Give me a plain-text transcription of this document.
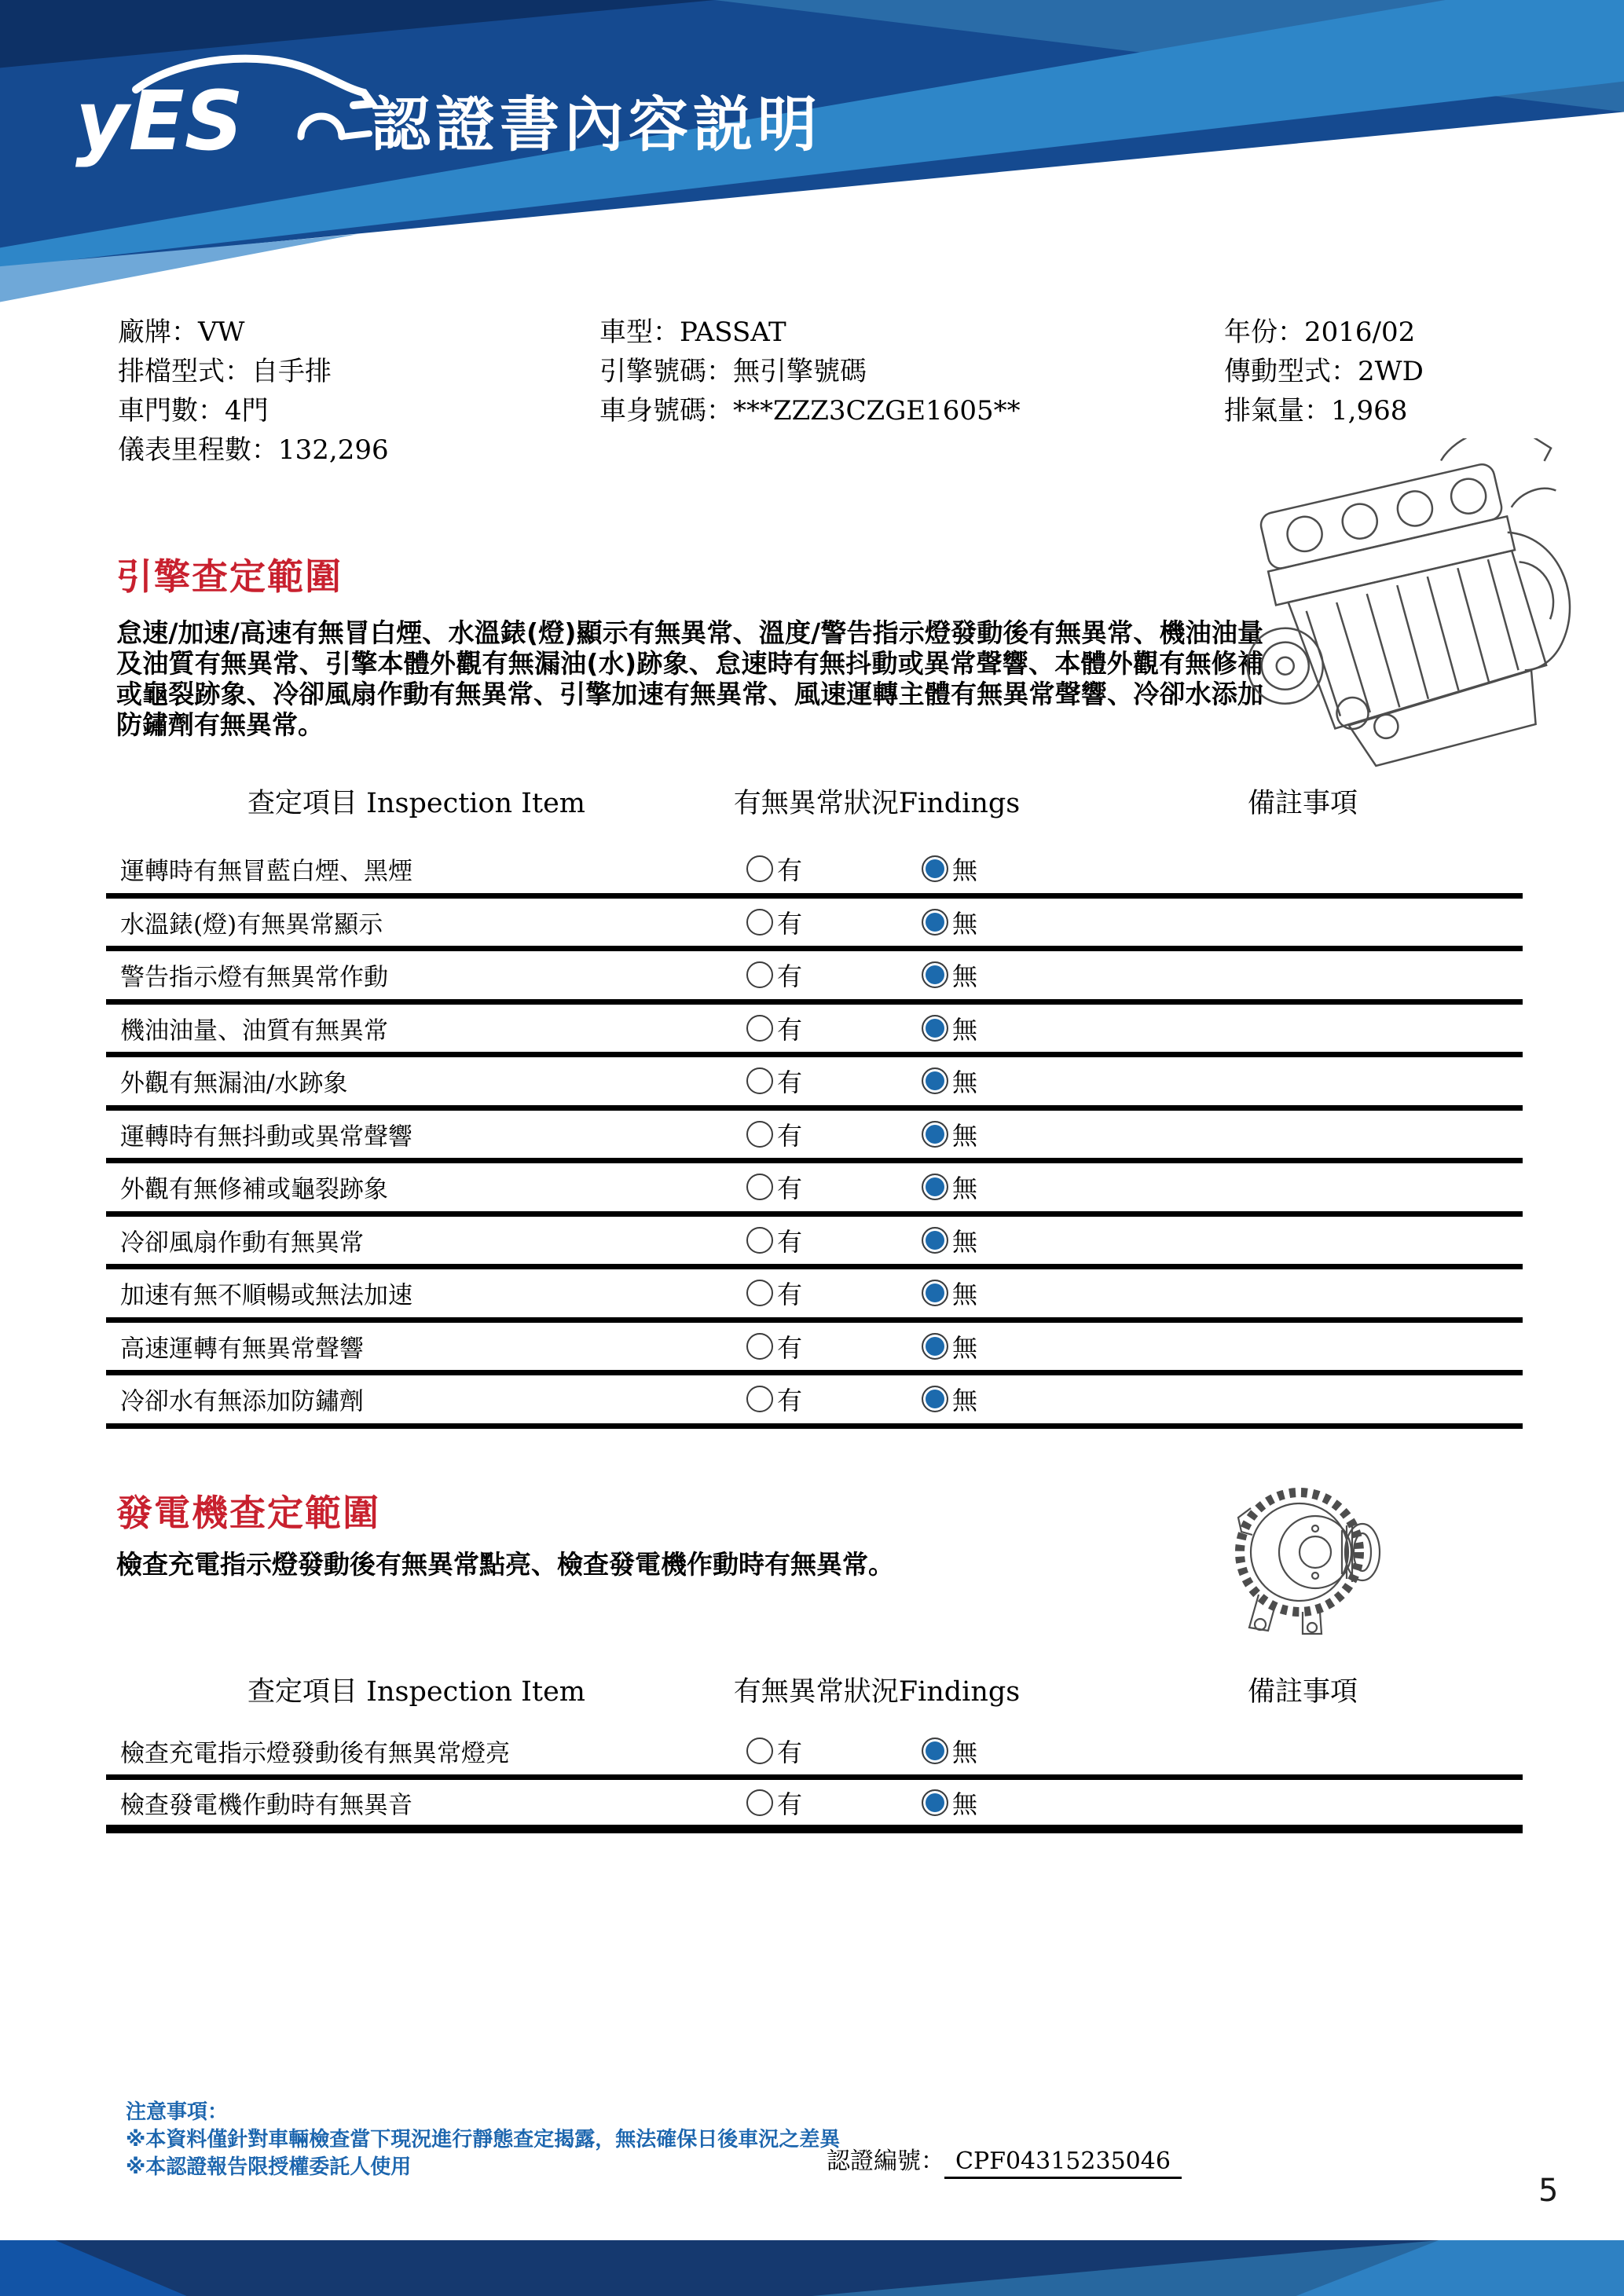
yES 認證書內容説明
廠牌：VW
排檔型式：自手排
車門數：4門
儀表里程數：132,296
車型：PASSAT
引擎號碼：無引擎號碼
車身號碼：***ZZZ3CZGE1605**
年份：2016/02
傳動型式：2WD
排氣量：1,968
引擎查定範圍
怠速/加速/高速有無冒白煙、水溫錶(燈)顯示有無異常、溫度/警告指示燈發動後有無異常、機油油量及油質有無異常、引擎本體外觀有無漏油(水)跡象、怠速時有無抖動或異常聲響、本體外觀有無修補或龜裂跡象、冷卻風扇作動有無異常、引擎加速有無異常、風速運轉主體有無異常聲響、冷卻水添加防鏽劑有無異常。
查定項目 Inspection Item	有無異常狀況Findings	備註事項
運轉時有無冒藍白煙、黑煙	有	無
水溫錶(燈)有無異常顯示	有	無
警告指示燈有無異常作動	有	無
機油油量、油質有無異常	有	無
外觀有無漏油/水跡象	有	無
運轉時有無抖動或異常聲響	有	無
外觀有無修補或龜裂跡象	有	無
冷卻風扇作動有無異常	有	無
加速有無不順暢或無法加速	有	無
高速運轉有無異常聲響	有	無
冷卻水有無添加防鏽劑	有	無
發電機查定範圍
檢查充電指示燈發動後有無異常點亮、檢查發電機作動時有無異常。
查定項目 Inspection Item	有無異常狀況Findings	備註事項
檢查充電指示燈發動後有無異常燈亮	有	無
檢查發電機作動時有無異音	有	無
注意事項：
※本資料僅針對車輛檢查當下現況進行靜態查定揭露，無法確保日後車況之差異
※本認證報告限授權委託人使用	認證編號： CPF04315235046
5
